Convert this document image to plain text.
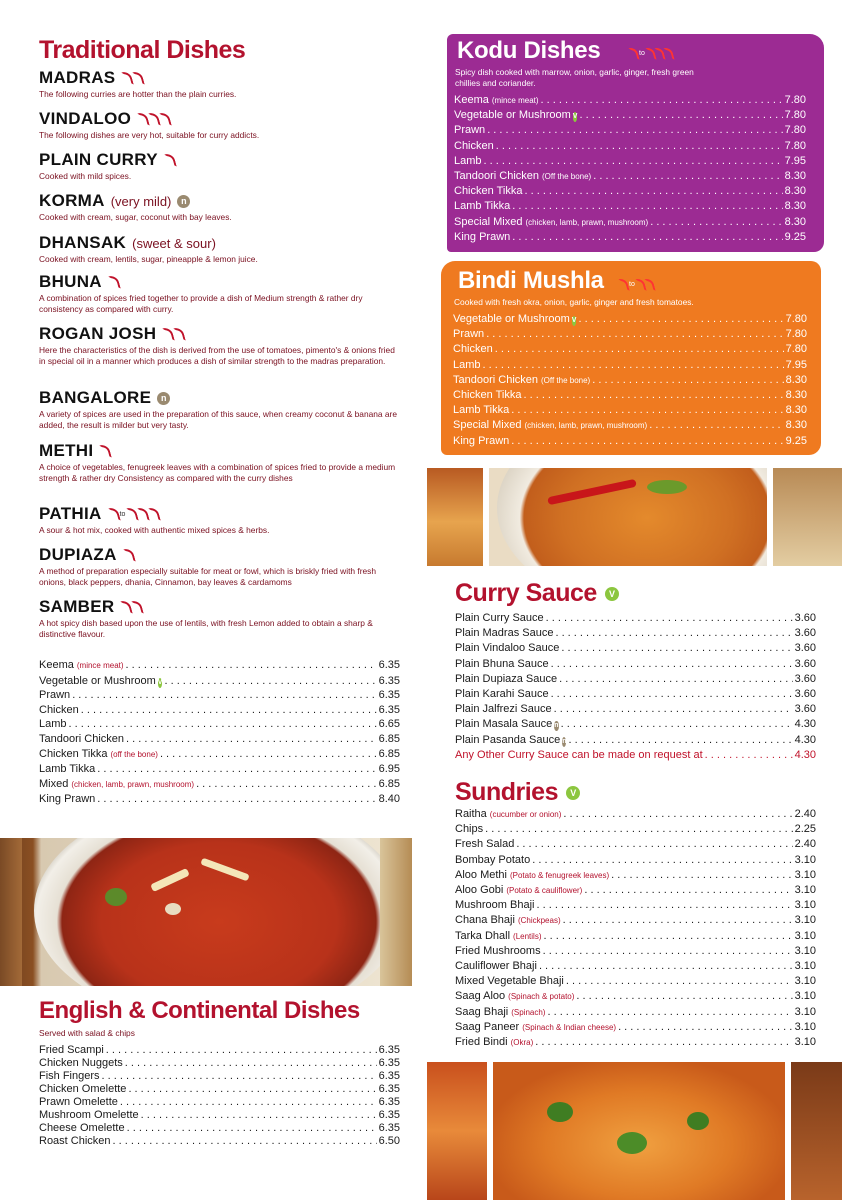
Traditional Dishes
MADRAS
The following curries are hotter than the plain curries.
VINDALOO
The following dishes are very hot, suitable for curry addicts.
PLAIN CURRY
Cooked with mild spices.
KORMA (very mild) n
Cooked with cream, sugar, coconut with bay leaves.
DHANSAK (sweet & sour)
Cooked with cream, lentils, sugar, pineapple & lemon juice.
BHUNA
A combination of spices fried together to provide a dish of Medium strength & rather dry consistency as compared with curry.
ROGAN JOSH
Here the characteristics of the dish is derived from the use of tomatoes, pimento's & onions fried in special oil in a manner which produces a dish of similar strength to the madras preparation.
BANGALORE n
A variety of spices are used in the preparation of this sauce, when creamy coconut & banana are added, the result is milder but very tasty.
METHI
A choice of vegetables, fenugreek leaves with a combination of spices fried to provide a medium strength & rather dry Consistency as compared with the curry dishes
PATHIA	to
A sour & hot mix, cooked with authentic mixed spices & herbs.
DUPIAZA
A method of preparation especially suitable for meat or fowl, which is briskly fried with fresh onions, black peppers, dhania, Cinnamon, bay leaves & cardamoms
SAMBER
A hot spicy dish based upon the use of lentils, with fresh Lemon added to obtain a sharp & distinctive flavour.
Keema (mince meat) . . .	6.35
Vegetable or Mushroom V . . .	6.35
Prawn . . .	6.35
Chicken . . .	6.35
Lamb . . .	6.65
Tandoori Chicken . . .	6.85
Chicken Tikka (off the bone) . . .	6.85
Lamb Tikka . . .	6.95
Mixed (chicken, lamb, prawn, mushroom) . . .	6.85
King Prawn . . .	8.40
English & Continental Dishes
Served with salad & chips
Fried Scampi . . .	6.35
Chicken Nuggets . . .	6.35
Fish Fingers . . .	6.35
Chicken Omelette . . .	6.35
Prawn Omelette . . .	6.35
Mushroom Omelette . . .	6.35
Cheese Omelette . . .	6.35
Roast Chicken . . .	6.50
Kodu Dishes	to
Spicy dish cooked with marrow, onion, garlic, ginger, fresh green chillies and coriander.
Keema (mince meat) . . .	7.80
Vegetable or Mushroom V . . .	7.80
Prawn . . .	7.80
Chicken . . .	7.80
Lamb . . .	7.95
Tandoori Chicken (Off the bone) . . .	8.30
Chicken Tikka . . .	8.30
Lamb Tikka . . .	8.30
Special Mixed (chicken, lamb, prawn, mushroom) . . .	8.30
King Prawn . . .	9.25
Bindi Mushla	to
Cooked with fresh okra, onion, garlic, ginger and fresh tomatoes.
Vegetable or Mushroom V . . .	7.80
Prawn . . .	7.80
Chicken . . .	7.80
Lamb . . .	7.95
Tandoori Chicken (Off the bone) . . .	8.30
Chicken Tikka . . .	8.30
Lamb Tikka . . .	8.30
Special Mixed (chicken, lamb, prawn, mushroom) . . .	8.30
King Prawn . . .	9.25
Curry Sauce V
Plain Curry Sauce . . .	3.60
Plain Madras Sauce . . .	3.60
Plain Vindaloo Sauce . . .	3.60
Plain Bhuna Sauce . . .	3.60
Plain Dupiaza Sauce . . .	3.60
Plain Karahi Sauce . . .	3.60
Plain Jalfrezi Sauce . . .	3.60
Plain Masala Sauce n . . .	4.30
Plain Pasanda Sauce n . . .	4.30
Any Other Curry Sauce can be made on request at . . .	4.30
Sundries V
Raitha (cucumber or onion) . . .	2.40
Chips . . .	2.25
Fresh Salad . . .	2.40
Bombay Potato . . .	3.10
Aloo Methi (Potato & fenugreek leaves) . . .	3.10
Aloo Gobi (Potato & cauliflower) . . .	3.10
Mushroom Bhaji . . .	3.10
Chana Bhaji (Chickpeas) . . .	3.10
Tarka Dhall (Lentils) . . .	3.10
Fried Mushrooms . . .	3.10
Cauliflower Bhaji . . .	3.10
Mixed Vegetable Bhaji . . .	3.10
Saag Aloo (Spinach & potato) . . .	3.10
Saag Bhaji (Spinach) . . .	3.10
Saag Paneer (Spinach & Indian cheese) . . .	3.10
Fried Bindi (Okra) . . .	3.10
